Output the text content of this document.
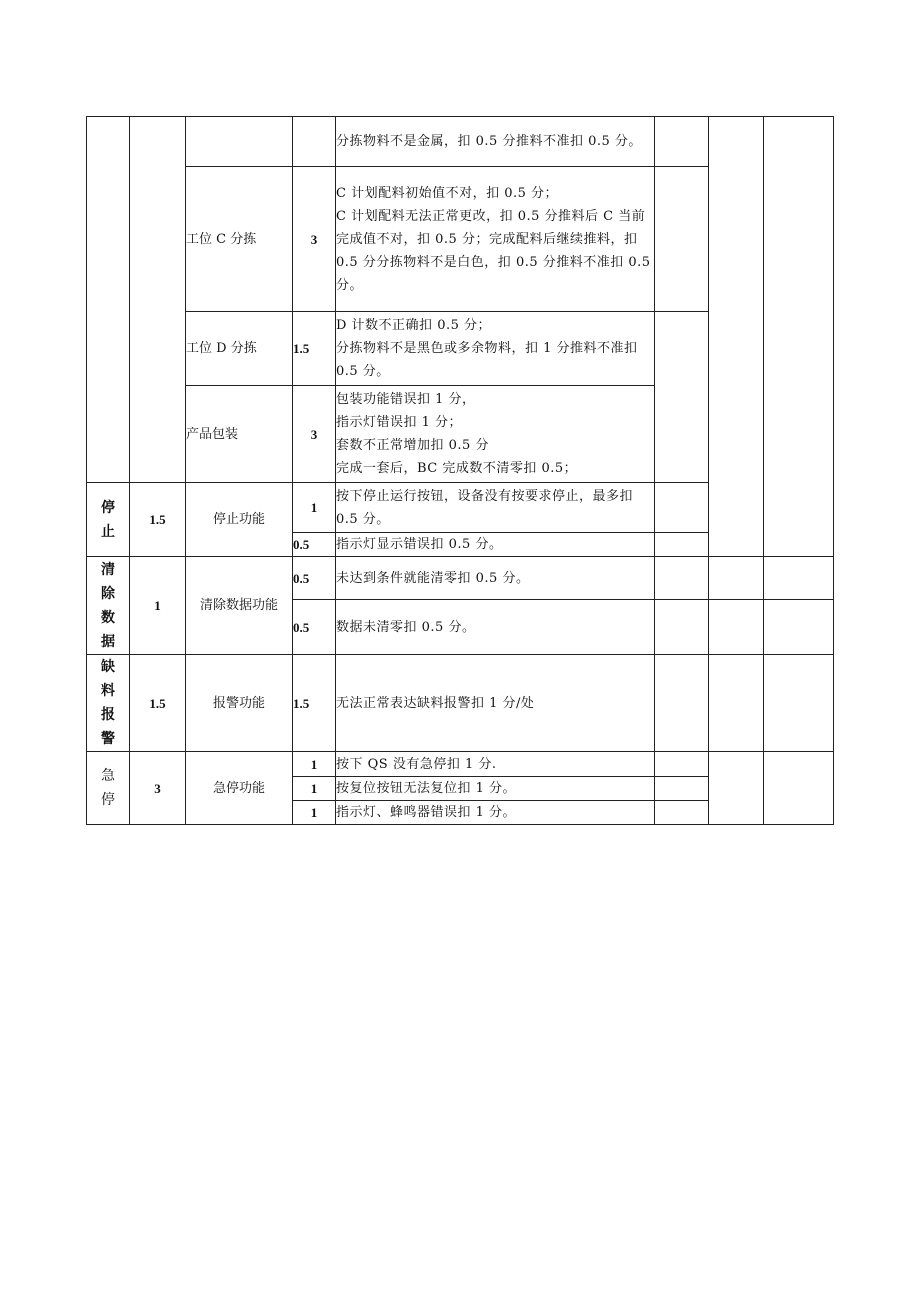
				分拣物料不是金属，扣 0.5 分推料不准扣 0.5 分。			
		工位 C 分拣	3	C 计划配料初始值不对，扣 0.5 分；
C 计划配料无法正常更改，扣 0.5 分推料后 C 当前完成值不对，扣 0.5 分；完成配料后继续推料，扣 0.5 分分拣物料不是白色，扣 0.5 分推料不准扣 0.5 分。			

		工位 D 分拣	1.5	D 计数不正确扣 0.5 分；
分拣物料不是黑色或多余物料，扣 1 分推料不准扣 0.5 分。			

		产品包装	3	包装功能错误扣 1 分，
指示灯错误扣 1 分；
套数不正常增加扣 0.5 分
完成一套后，BC 完成数不清零扣 0.5；			

停止	1.5	停止功能	1	按下停止运行按钮，设备没有按要求停止，最多扣 0.5 分。			
			0.5	指示灯显示错误扣 0.5 分。			
清除数据	1	清除数据功能	0.5	未达到条件就能清零扣 0.5 分。			
			0.5	数据未清零扣 0.5 分。			
缺料报警	1.5	报警功能	1.5	无法正常表达缺料报警扣 1 分/处			
急停	3	急停功能	1	按下 QS 没有急停扣 1 分.			
			1	按复位按钮无法复位扣 1 分。			
			1	指示灯、蜂鸣器错误扣 1 分。			
